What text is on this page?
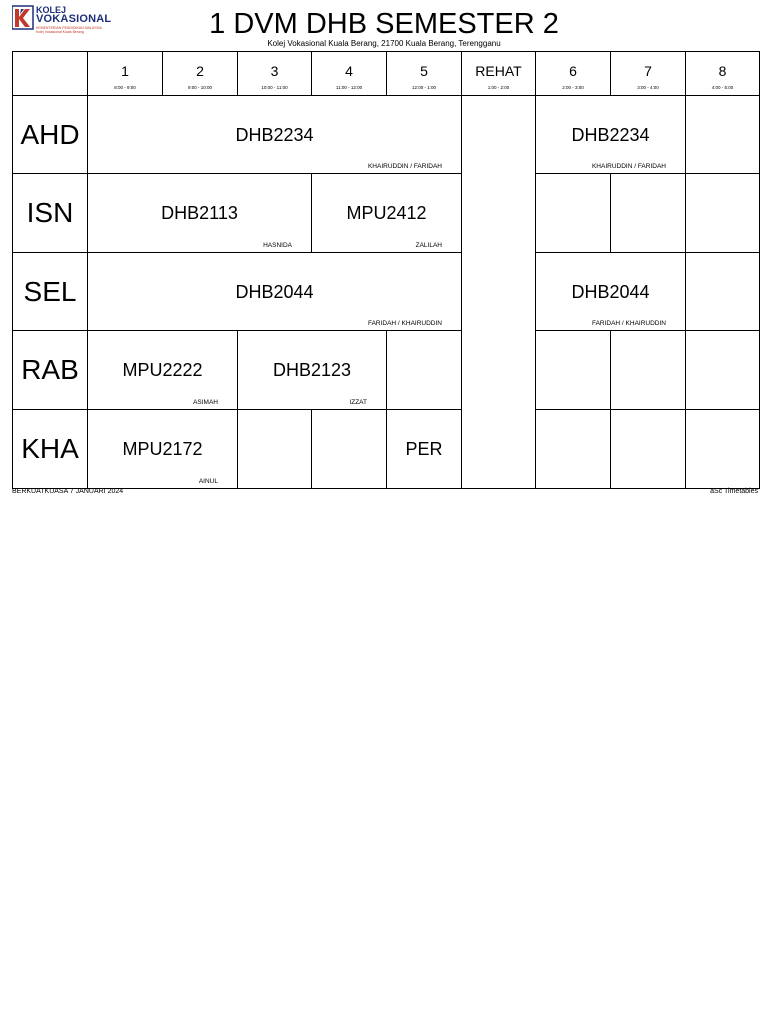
KOLEJ
VOKASIONAL
KEMENTERIAN PENDIDIKAN MALAYSIA
Kolej Vokasional Kuala Berang	1 DVM DHB SEMESTER 2
Kolej Vokasional Kuala Berang, 21700 Kuala Berang, Terengganu
1
8:00 - 9:00
2
9:00 - 10:00
3
10:00 - 11:00
4
11:00 - 12:00
5
12:00 - 1:00
REHAT
1:00 - 2:00
6
2:00 - 3:00
7
3:00 - 4:00
8
4:00 - 5:00
AHD
ISN
SEL
RAB
KHA
DHB2234
KHAIRUDDIN / FARIDAH
DHB2234
KHAIRUDDIN / FARIDAH
DHB2113
HASNIDA
MPU2412
ZALILAH
DHB2044
FARIDAH / KHAIRUDDIN
DHB2044
FARIDAH / KHAIRUDDIN
MPU2222
ASIMAH
DHB2123
IZZAT
MPU2172
AINUL
PER
BERKUATKUASA 7 JANUARI 2024	aSc Timetables
